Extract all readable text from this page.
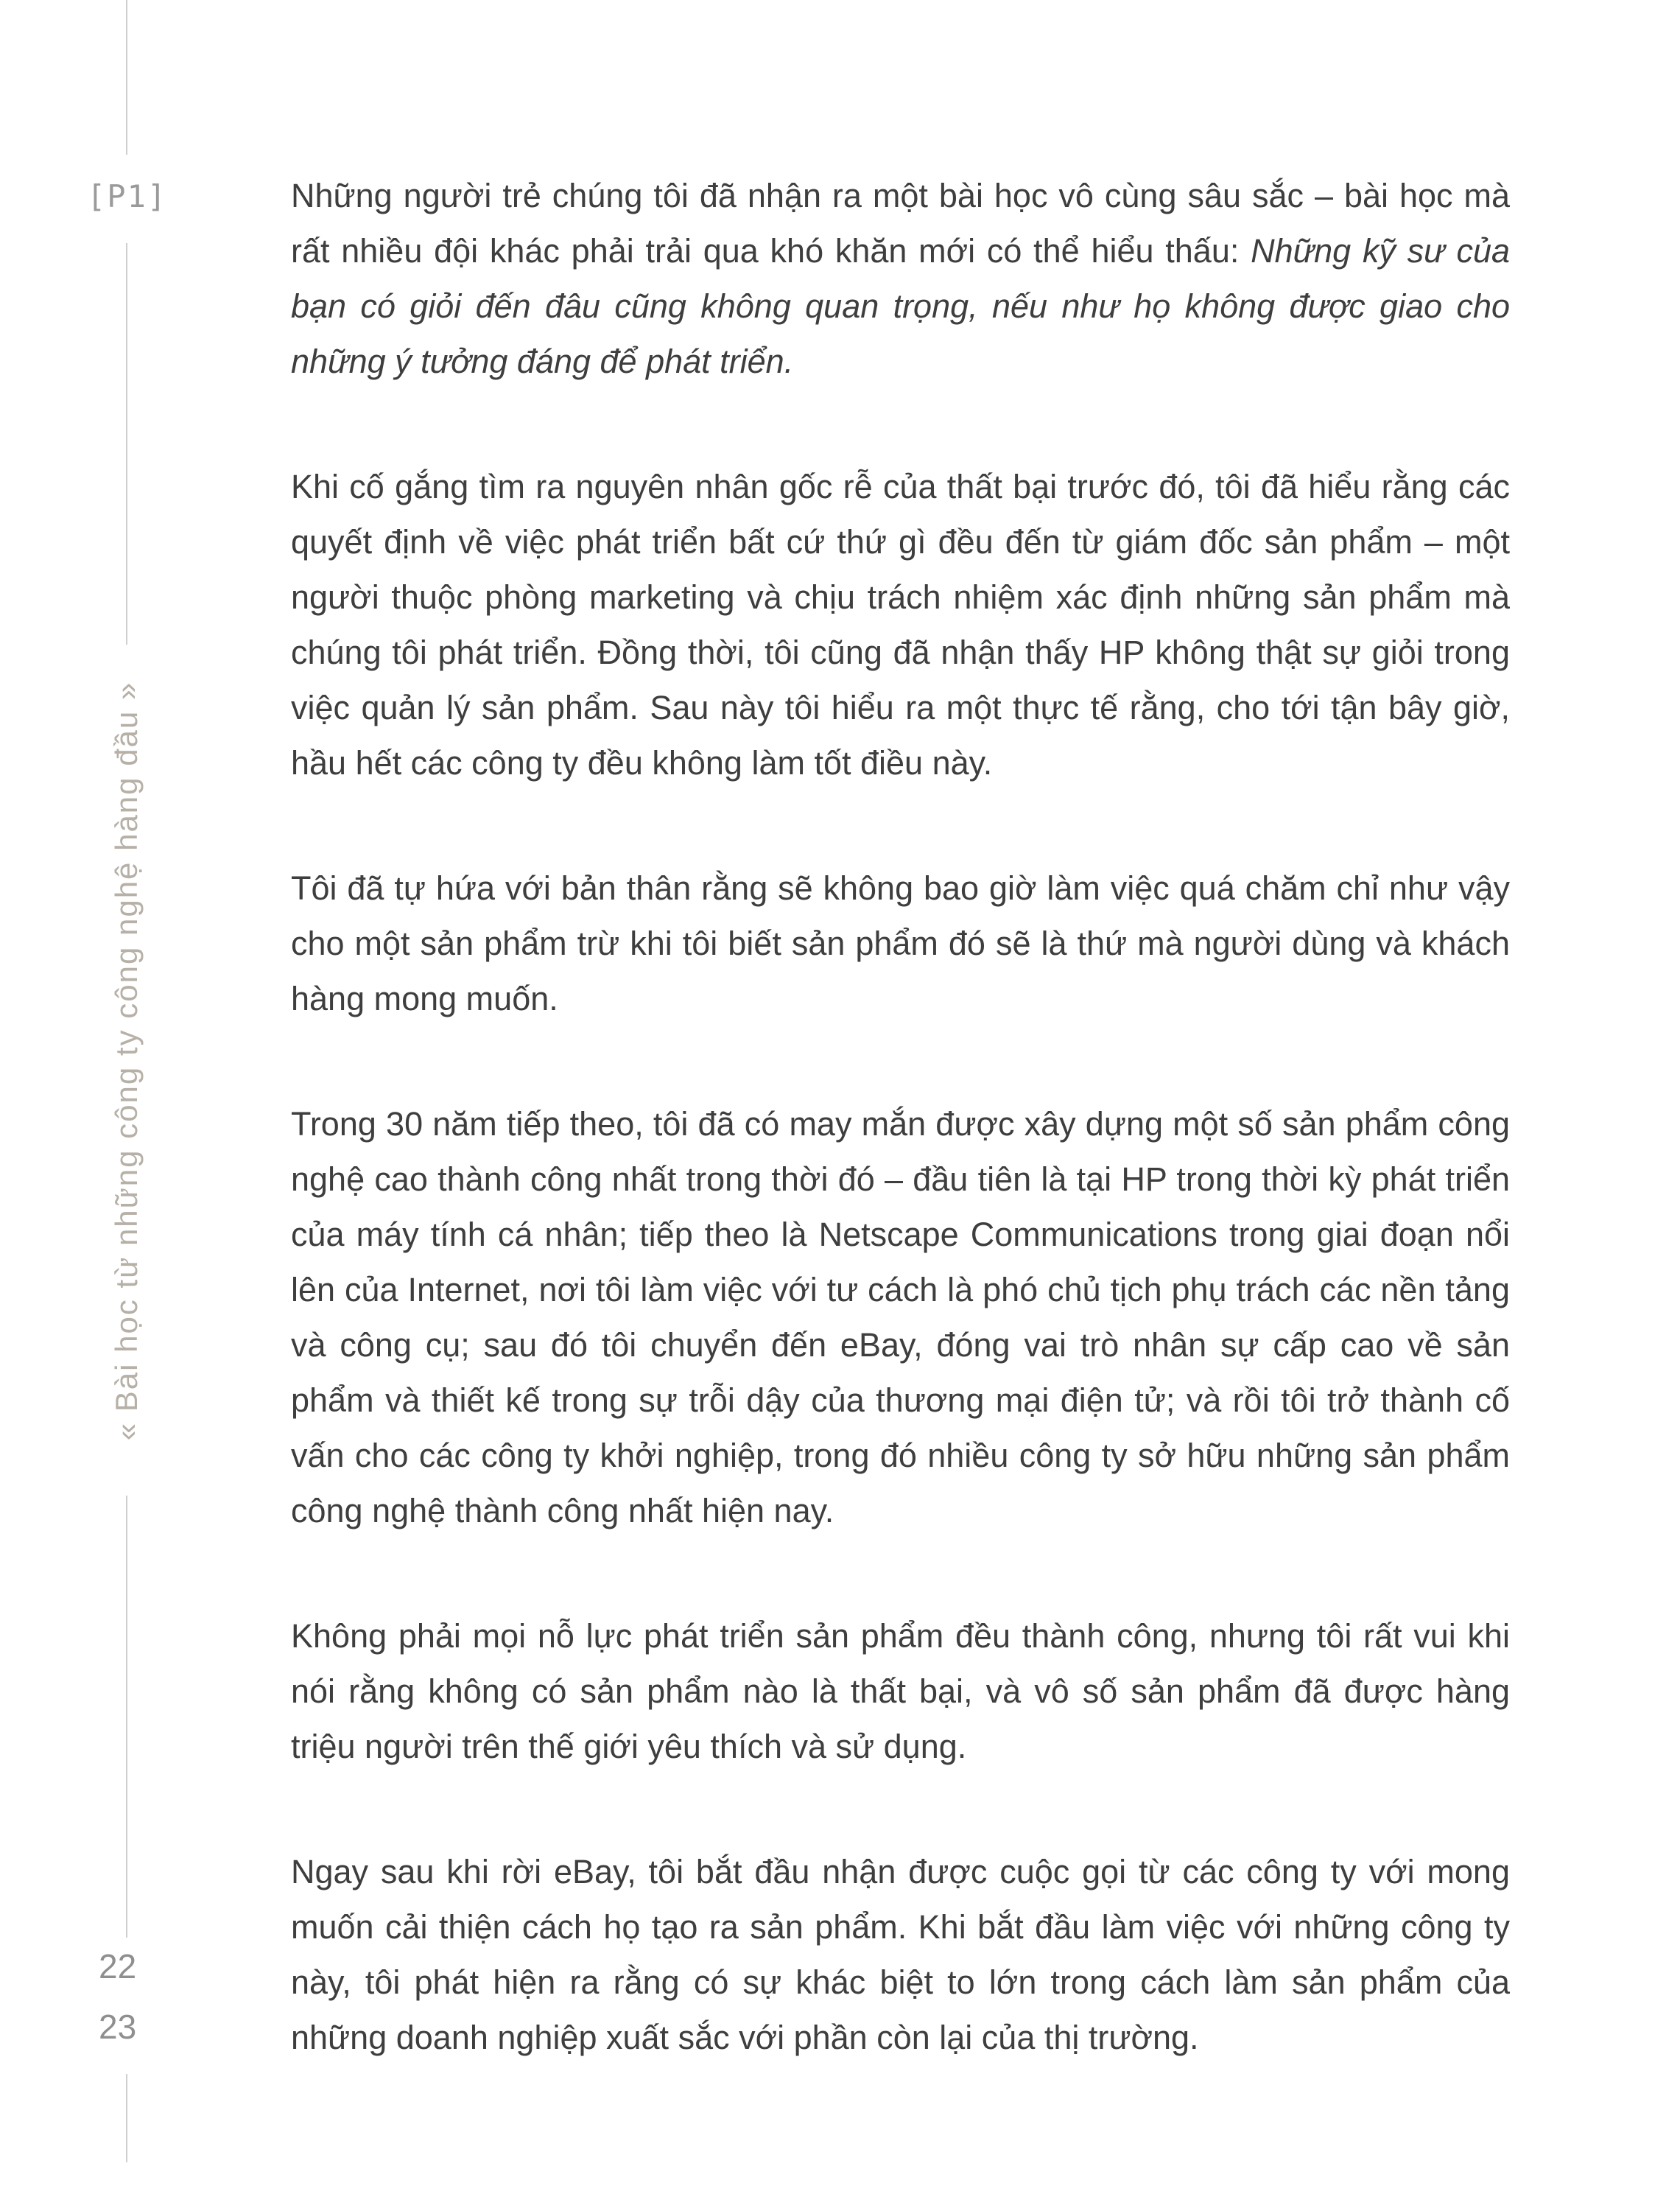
[P1]
« Bài học từ những công ty công nghệ hàng đầu »
22
23

Những người trẻ chúng tôi đã nhận ra một bài học vô cùng sâu sắc – bài học mà rất nhiều đội khác phải trải qua khó khăn mới có thể hiểu thấu: Những kỹ sư của bạn có giỏi đến đâu cũng không quan trọng, nếu như họ không được giao cho những ý tưởng đáng để phát triển.

Khi cố gắng tìm ra nguyên nhân gốc rễ của thất bại trước đó, tôi đã hiểu rằng các quyết định về việc phát triển bất cứ thứ gì đều đến từ giám đốc sản phẩm – một người thuộc phòng marketing và chịu trách nhiệm xác định những sản phẩm mà chúng tôi phát triển. Đồng thời, tôi cũng đã nhận thấy HP không thật sự giỏi trong việc quản lý sản phẩm. Sau này tôi hiểu ra một thực tế rằng, cho tới tận bây giờ, hầu hết các công ty đều không làm tốt điều này.

Tôi đã tự hứa với bản thân rằng sẽ không bao giờ làm việc quá chăm chỉ như vậy cho một sản phẩm trừ khi tôi biết sản phẩm đó sẽ là thứ mà người dùng và khách hàng mong muốn.

Trong 30 năm tiếp theo, tôi đã có may mắn được xây dựng một số sản phẩm công nghệ cao thành công nhất trong thời đó – đầu tiên là tại HP trong thời kỳ phát triển của máy tính cá nhân; tiếp theo là Netscape Communications trong giai đoạn nổi lên của Internet, nơi tôi làm việc với tư cách là phó chủ tịch phụ trách các nền tảng và công cụ; sau đó tôi chuyển đến eBay, đóng vai trò nhân sự cấp cao về sản phẩm và thiết kế trong sự trỗi dậy của thương mại điện tử; và rồi tôi trở thành cố vấn cho các công ty khởi nghiệp, trong đó nhiều công ty sở hữu những sản phẩm công nghệ thành công nhất hiện nay.

Không phải mọi nỗ lực phát triển sản phẩm đều thành công, nhưng tôi rất vui khi nói rằng không có sản phẩm nào là thất bại, và vô số sản phẩm đã được hàng triệu người trên thế giới yêu thích và sử dụng.

Ngay sau khi rời eBay, tôi bắt đầu nhận được cuộc gọi từ các công ty với mong muốn cải thiện cách họ tạo ra sản phẩm. Khi bắt đầu làm việc với những công ty này, tôi phát hiện ra rằng có sự khác biệt to lớn trong cách làm sản phẩm của những doanh nghiệp xuất sắc với phần còn lại của thị trường.
